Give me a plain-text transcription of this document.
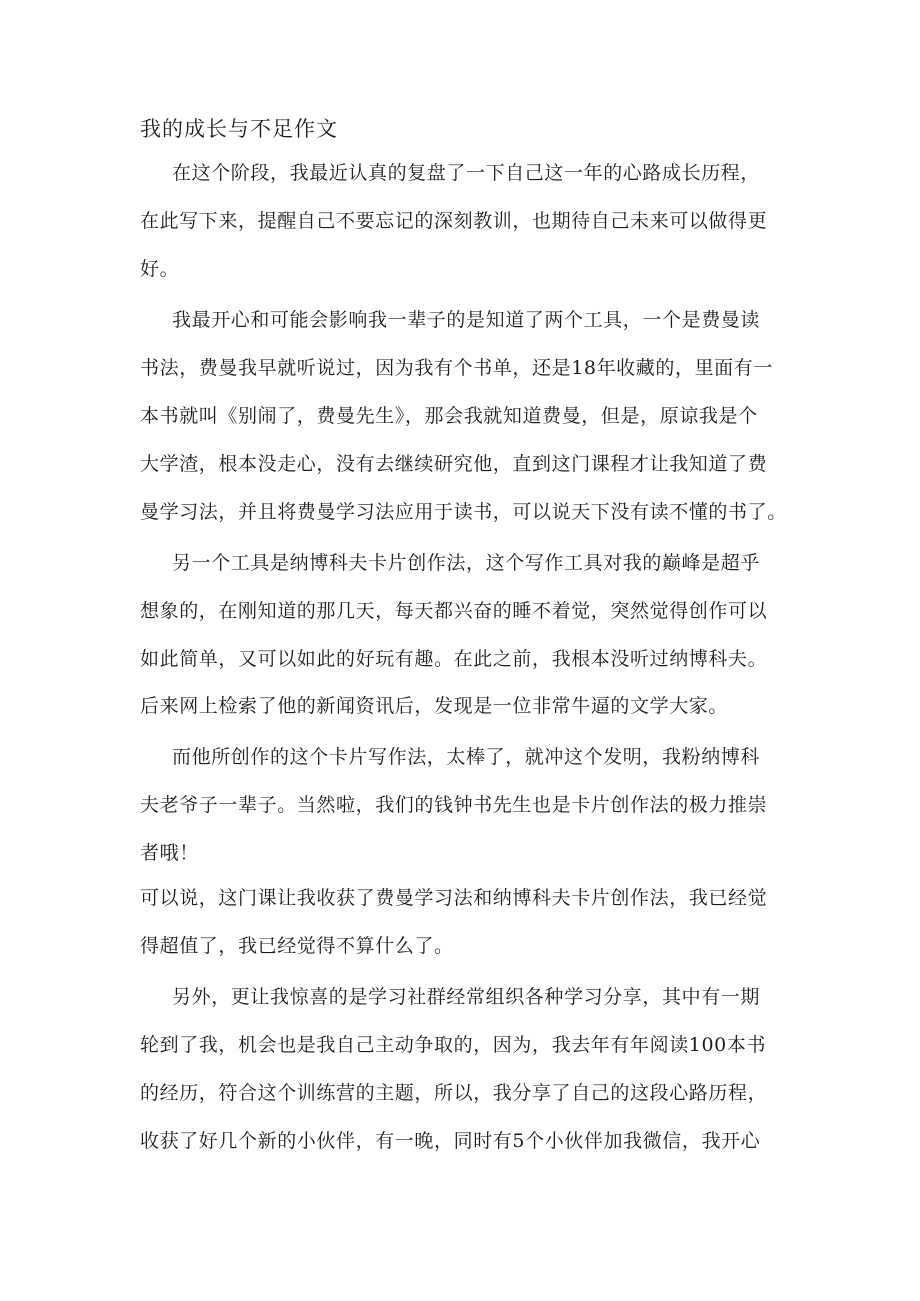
我的成长与不足作文
在这个阶段，我最近认真的复盘了一下自己这一年的心路成长历程，
在此写下来，提醒自己不要忘记的深刻教训，也期待自己未来可以做得更
好。
我最开心和可能会影响我一辈子的是知道了两个工具，一个是费曼读
书法，费曼我早就听说过，因为我有个书单，还是18年收藏的，里面有一
本书就叫《别闹了，费曼先生》，那会我就知道费曼，但是，原谅我是个
大学渣，根本没走心，没有去继续研究他，直到这门课程才让我知道了费
曼学习法，并且将费曼学习法应用于读书，可以说天下没有读不懂的书了。
另一个工具是纳博科夫卡片创作法，这个写作工具对我的巅峰是超乎
想象的，在刚知道的那几天，每天都兴奋的睡不着觉，突然觉得创作可以
如此简单，又可以如此的好玩有趣。在此之前，我根本没听过纳博科夫。
后来网上检索了他的新闻资讯后，发现是一位非常牛逼的文学大家。
而他所创作的这个卡片写作法，太棒了，就冲这个发明，我粉纳博科
夫老爷子一辈子。当然啦，我们的钱钟书先生也是卡片创作法的极力推崇
者哦！
可以说，这门课让我收获了费曼学习法和纳博科夫卡片创作法，我已经觉
得超值了，我已经觉得不算什么了。
另外，更让我惊喜的是学习社群经常组织各种学习分享，其中有一期
轮到了我，机会也是我自己主动争取的，因为，我去年有年阅读100本书
的经历，符合这个训练营的主题，所以，我分享了自己的这段心路历程，
收获了好几个新的小伙伴，有一晚，同时有5个小伙伴加我微信，我开心
